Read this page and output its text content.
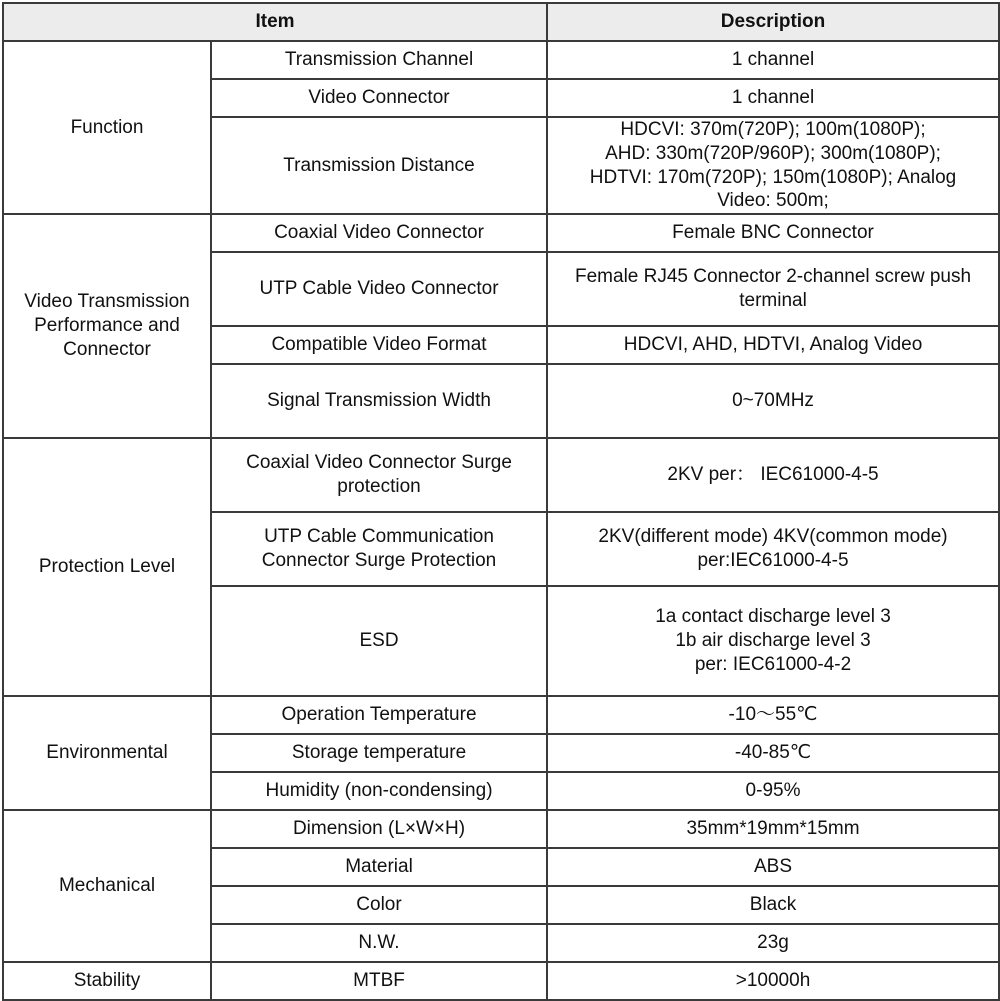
Item		Description

Function	Transmission Channel	1 channel

	Video Connector	1 channel

	Transmission Distance	HDCVI: 370m(720P); 100m(1080P);
AHD: 330m(720P/960P); 300m(1080P);
HDTVI: 170m(720P); 150m(1080P); Analog
Video: 500m;

Video Transmission
Performance and
Connector	Coaxial Video Connector	Female BNC Connector

	UTP Cable Video Connector	Female RJ45 Connector 2-channel screw push
terminal

	Compatible Video Format	HDCVI, AHD, HDTVI, Analog Video

	Signal Transmission Width	0~70MHz

Protection Level	Coaxial Video Connector Surge
protection	2KV per： IEC61000-4-5

	UTP Cable Communication
Connector Surge Protection	2KV(different mode) 4KV(common mode)
per:IEC61000-4-5

	ESD	1a contact discharge level 3
1b air discharge level 3
per: IEC61000-4-2

Environmental	Operation Temperature	-10～55℃

	Storage temperature	-40-85℃

	Humidity (non-condensing)	0-95%

Mechanical	Dimension (L×W×H)	35mm*19mm*15mm

	Material	ABS

	Color	Black

	N.W.	23g

Stability	MTBF	>10000h
